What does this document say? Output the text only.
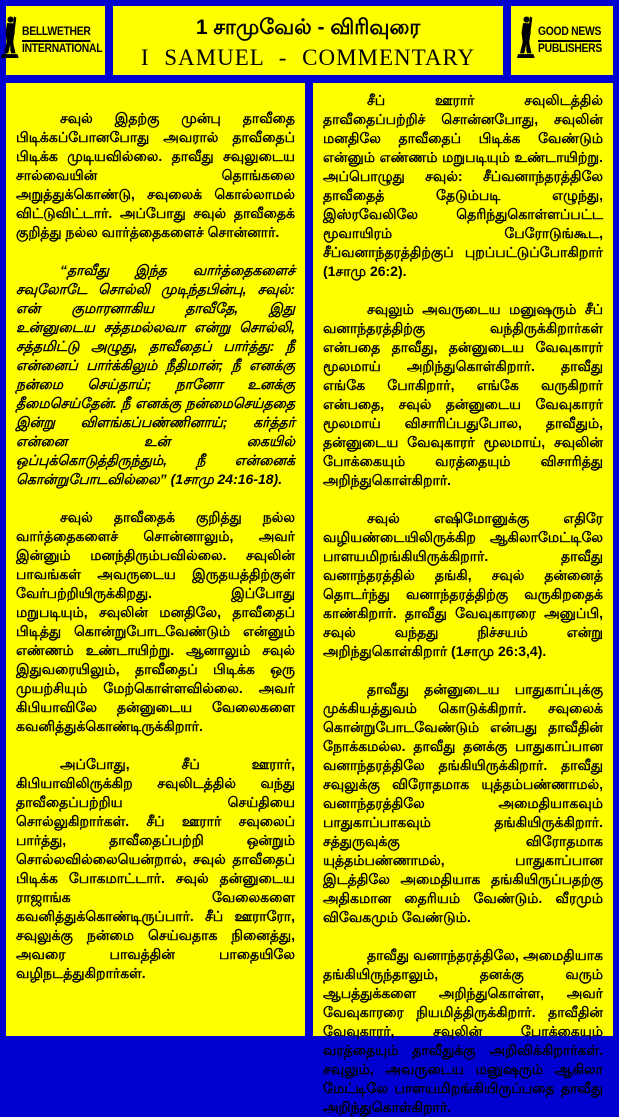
BELLWETHER
INTERNATIONAL
1 சாமுவேல் - விரிவுரை
I SAMUEL - COMMENTARY
GOOD NEWS
PUBLISHERS

சவுல் இதற்கு முன்பு தாவீதை பிடிக்கப்போனபோது அவரால் தாவீதைப் பிடிக்க முடியவில்லை. தாவீது சவுலுடைய சால்வையின் தொங்கலை அறுத்துக்கொண்டு, சவுலைக் கொல்லாமல் விட்டுவிட்டார். அப்போது சவுல் தாவீதைக் குறித்து நல்ல வார்த்தைகளைச் சொன்னார்.

“தாவீது இந்த வார்த்தைகளைச் சவுலோடே சொல்லி முடிந்தபின்பு, சவுல்: என் குமாரனாகிய தாவீதே, இது உன்னுடைய சத்தமல்லவா என்று சொல்லி, சத்தமிட்டு அழுது, தாவீதைப் பார்த்து: நீ என்னைப் பார்க்கிலும் நீதிமான்; நீ எனக்கு நன்மை செய்தாய்; நானோ உனக்கு தீமைசெய்தேன். நீ எனக்கு நன்மைசெய்ததை இன்று விளங்கப்பண்ணினாய்; கர்த்தர் என்னை உன் கையில் ஒப்புக்கொடுத்திருந்தும், நீ என்னைக் கொன்றுபோடவில்லை” (1சாமு 24:16-18).

சவுல் தாவீதைக் குறித்து நல்ல வார்த்தைகளைச் சொன்னாலும், அவர் இன்னும் மனந்திரும்பவில்லை. சவுலின் பாவங்கள் அவருடைய இருதயத்திற்குள் வேர்பற்றியிருக்கிறது. இப்போது மறுபடியும், சவுலின் மனதிலே, தாவீதைப் பிடித்து கொன்றுபோடவேண்டும் என்னும் எண்ணம் உண்டாயிற்று. ஆனாலும் சவுல் இதுவரையிலும், தாவீதைப் பிடிக்க ஒரு முயற்சியும் மேற்கொள்ளவில்லை. அவர் கிபியாவிலே தன்னுடைய வேலைகளை கவனித்துக்கொண்டிருக்கிறார்.

அப்போது, சீப் ஊரார், கிபியாவிலிருக்கிற சவுலிடத்தில் வந்து தாவீதைப்பற்றிய செய்தியை சொல்லுகிறார்கள். சீப் ஊரார் சவுலைப் பார்த்து, தாவீதைப்பற்றி ஒன்றும் சொல்லவில்லையென்றால், சவுல் தாவீதைப் பிடிக்க போகமாட்டார். சவுல் தன்னுடைய ராஜாங்க வேலைகளை கவனித்துக்கொண்டிருப்பார். சீப் ஊராரோ, சவுலுக்கு நன்மை செய்வதாக நினைத்து, அவரை பாவத்தின் பாதையிலே வழிநடத்துகிறார்கள்.

சீப் ஊரார் சவுலிடத்தில் தாவீதைப்பற்றிச் சொன்னபோது, சவுலின் மனதிலே தாவீதைப் பிடிக்க வேண்டும் என்னும் எண்ணம் மறுபடியும் உண்டாயிற்று. அப்பொழுது சவுல்: சீப்வனாந்தரத்திலே தாவீதைத் தேடும்படி எழுந்து, இஸ்ரவேலிலே தெரிந்துகொள்ளப்பட்ட மூவாயிரம் பேரோடுங்கூட, சீப்வனாந்தரத்திற்குப் புறப்பட்டுப்போகிறார் (1சாமு 26:2).

சவுலும் அவருடைய மனுஷரும் சீப் வனாந்தரத்திற்கு வந்திருக்கிறார்கள் என்பதை தாவீது, தன்னுடைய வேவுகாரர் மூலமாய் அறிந்துகொள்கிறார். தாவீது எங்கே போகிறார், எங்கே வருகிறார் என்பதை, சவுல் தன்னுடைய வேவுகாரர் மூலமாய் விசாரிப்பதுபோல, தாவீதும், தன்னுடைய வேவுகாரர் மூலமாய், சவுலின் போக்கையும் வரத்தையும் விசாரித்து அறிந்துகொள்கிறார்.

சவுல் எஷிமோனுக்கு எதிரே வழியண்டையிலிருக்கிற ஆகிலாமேட்டிலே பாளயமிறங்கியிருக்கிறார். தாவீது வனாந்தரத்தில் தங்கி, சவுல் தன்னைத் தொடர்ந்து வனாந்தரத்திற்கு வருகிறதைக் காண்கிறார். தாவீது வேவுகாரரை அனுப்பி, சவுல் வந்தது நிச்சயம் என்று அறிந்துகொள்கிறார் (1சாமு 26:3,4).

தாவீது தன்னுடைய பாதுகாப்புக்கு முக்கியத்துவம் கொடுக்கிறார். சவுலைக் கொன்றுபோடவேண்டும் என்பது தாவீதின் நோக்கமல்ல. தாவீது தனக்கு பாதுகாப்பான வனாந்தரத்திலே தங்கியிருக்கிறார். தாவீது சவுலுக்கு விரோதமாக யுத்தம்பண்ணாமல், வனாந்தரத்திலே அமைதியாகவும் பாதுகாப்பாகவும் தங்கியிருக்கிறார். சத்துருவுக்கு விரோதமாக யுத்தம்பண்ணாமல், பாதுகாப்பான இடத்திலே அமைதியாக தங்கியிருப்பதற்கு அதிகமான தைரியம் வேண்டும். வீரமும் விவேகமும் வேண்டும்.

தாவீது வனாந்தரத்திலே, அமைதியாக தங்கியிருந்தாலும், தனக்கு வரும் ஆபத்துக்களை அறிந்துகொள்ள, அவர் வேவுகாரரை நியமித்திருக்கிறார். தாவீதின் வேவுகாரர், சவுலின் போக்கையும் வரத்தையும் தாவீதுக்கு அறிவிக்கிறார்கள். சவுலும், அவருடைய மனுஷரும் ஆகிலா மேட்டிலே பாளயமிறங்கியிருப்பதை தாவீது அறிந்துகொள்கிறார்.
